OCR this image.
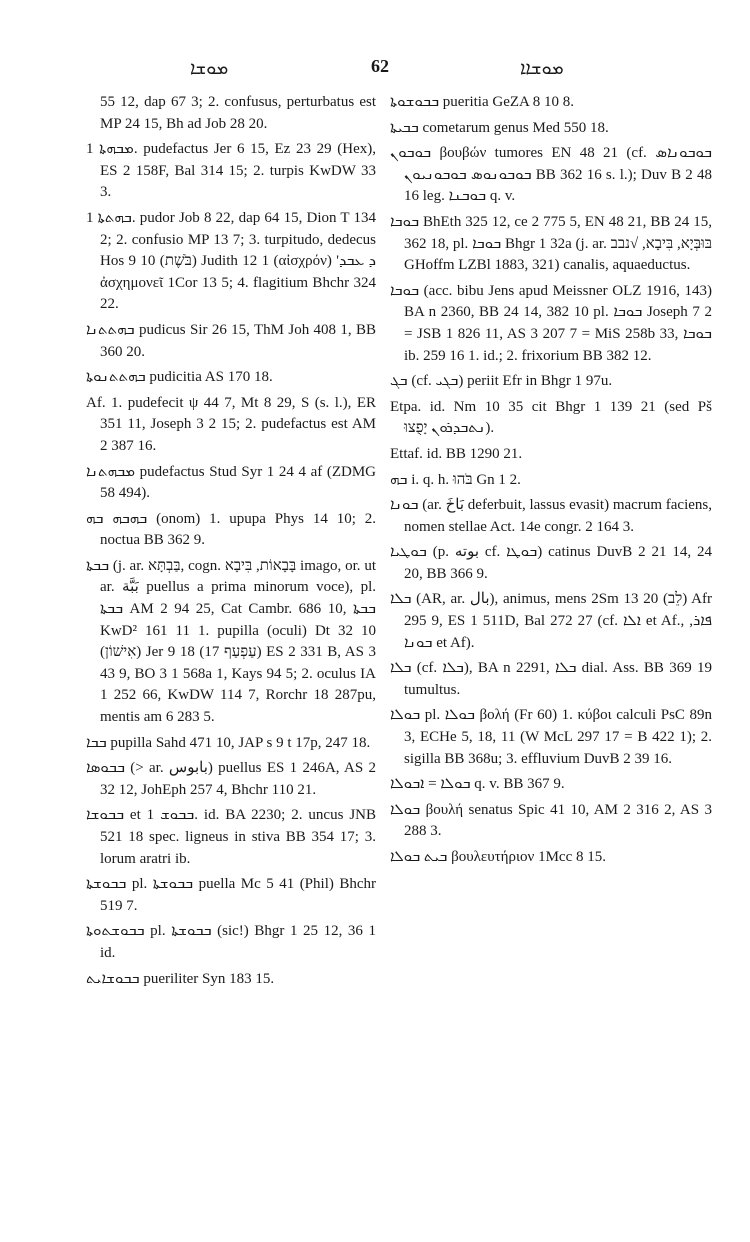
ܡܘܫܐ	62	ܡܘܫܐܐ

55 12, dap 67 3; 2. confusus, perturbatus est MP 24 15, Bh ad Job 28 20.

ܡܒܗܬܐ 1. pudefactus Jer 6 15, Ez 23 29 (Hex), ES 2 158F, Bal 314 15; 2. turpis KwDW 33 3.

ܒܗܬܬܐ 1. pudor Job 8 22, dap 64 15, Dion T 134 2; 2. confusio MP 13 7; 3. turpitudo, dedecus Hos 9 10 (בֹּשֶׁת) Judith 12 1 (αἰσχρόν) 'ܕ ܥܒܕ ἀσχημονεῖ 1Cor 13 5; 4. flagitium Bhchr 324 22.

ܒܗܬܬܢܐ pudicus Sir 26 15, ThM Joh 408 1, BB 360 20.

ܒܗܬܬܢܘܬܐ pudicitia AS 170 18.

Af. 1. pudefecit ψ 44 7, Mt 8 29, S (s. l.), ER 351 11, Joseph 3 2 15; 2. pudefactus est AM 2 387 16.

ܡܒܗܬܢܐ pudefactus Stud Syr 1 24 4 af (ZDMG 58 494).

ܒܗܒܗ ܒܗ (onom) 1. upupa Phys 14 10; 2. noctua BB 362 9.

ܒܒܬܐ (j. ar. בַּבְתָּא, cogn. בָּבָאוֹת, בִּיבָא imago, or. ut ar. بَبَّة puellus a prima minorum voce), pl. ܒܒܬܐ AM 2 94 25, Cat Cambr. 686 10, ܒܒܬܐ KwD² 161 11 1. pupilla (oculi) Dt 32 10 (אִישׁוֹן) Jer 9 18 (עַפְעַף 17) ES 2 331 B, AS 3 43 9, BO 3 1 568a 1, Kays 94 5; 2. oculus IA 1 252 66, KwDW 114 7, Rorchr 18 287pu, mentis am 6 283 5.

ܒܒܐ pupilla Sahd 471 10, JAP s 9 t 17p, 247 18.

ܒܒܘܣܐ (> ar. بابوس) puellus ES 1 246A, AS 2 32 12, JohEph 257 4, Bhchr 110 21.

ܒܒܘܫܐ et ܒܒܘܫ 1. id. BA 2230; 2. uncus JNB 521 18 spec. ligneus in stiva BB 354 17; 3. lorum aratri ib.

ܒܒܘܫܬܐ pl. ܒܒܘܫܬܐ puella Mc 5 41 (Phil) Bhchr 519 7.

ܒܒܘܫܬܘܬܐ pl. ܒܒܘܫܬܐ (sic!) Bhgr 1 25 12, 36 1 id.

ܒܒܘܫܐܝܬ pueriliter Syn 183 15.

ܒܒܘܫܘܬܐ pueritia GeZA 8 10 8.

ܒܒܝܬܐ cometarum genus Med 550 18.

ܒܘܒܘܢ βουβών tumores EN 48 21 (cf. ܒܘܒܘܢܐܣ ܒܘܒܘܢܘܣ ܒܘܒܘܢܝܘܢ BB 362 16 s. l.); Duv B 2 48 16 leg. ܒܘܒܢܐ q. v.

ܒܘܒܐ BhEth 325 12, ce 2 775 5, EN 48 21, BB 24 15, 362 18, pl. ܒܘܒܐ Bhgr 1 32a (j. ar. בּוּבְּיָא, בִּיבָא, √נבב GHoffm LZBl 1883, 321) canalis, aquaeductus.

ܒܘܒܐ (acc. bibu Jens apud Meissner OLZ 1916, 143) BA n 2360, BB 24 14, 382 10 pl. ܒܘܒܐ Joseph 7 2 = JSB 1 826 11, AS 3 207 7 = MiS 258b 33, ܒܘܒܐ ib. 259 16 1. id.; 2. frixorium BB 382 12.

ܒܓ (cf. ܒܓܝ) periit Efr in Bhgr 1 97u.

Etpa. id. Nm 10 35 cit Bhgr 1 139 21 (sed Pš ܢܬܒܕܪܘܢ יָפֻצוּ).

Ettaf. id. BB 1290 21.

ܒܗ i. q. h. בֹּהוּ Gn 1 2.

ܒܘܢܐ (ar. بَاخَ deferbuit, lassus evasit) macrum faciens, nomen stellae Act. 14e congr. 2 164 3.

ܒܘܛܝܐ (p. بوته cf. ܒܘܛܐ) catinus DuvB 2 21 14, 24 20, BB 366 9.

ܒܠܐ (AR, ar. بال), animus, mens 2Sm 13 20 (לֵב) Afr 295 9, ES 1 511D, Bal 272 27 (cf. ܐܠܐ et Af., ܦܐܪ, ܒܘܢܐ et Af).

ܒܠܐ (cf. ܒܠܐ), BA n 2291, ܒܠܐ dial. Ass. BB 369 19 tumultus.

ܒܘܠܐ pl. ܒܘܠܐ βολή (Fr 60) 1. κύβοι calculi PsC 89n 3, ECHe 5, 18, 11 (W McL 297 17 = B 422 1); 2. sigilla BB 368u; 3. effluvium DuvB 2 39 16.

ܒܘܠܐ = ܐܒܘܠܐ q. v. BB 367 9.

ܒܘܠܐ βουλή senatus Spic 41 10, AM 2 316 2, AS 3 288 3.

ܒܝܬ ܒܘܠܐ βουλευτήριον 1Mcc 8 15.
